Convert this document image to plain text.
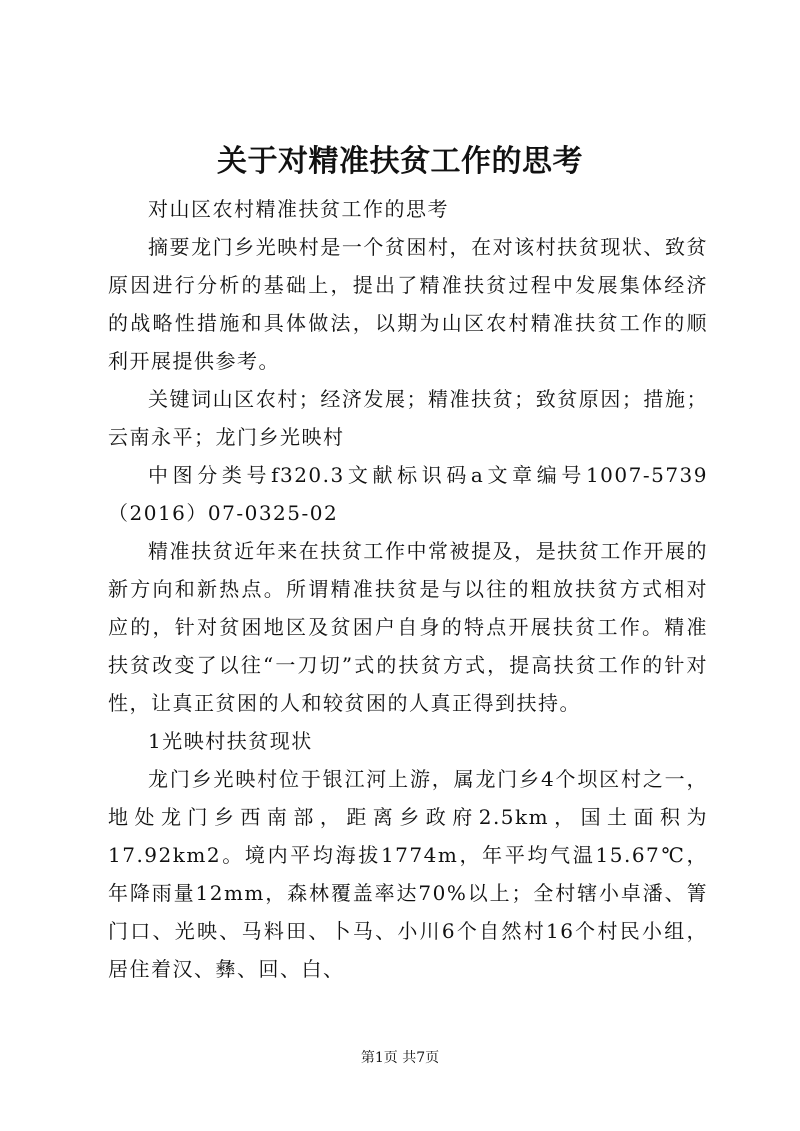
关于对精准扶贫工作的思考

对山区农村精准扶贫工作的思考

摘要龙门乡光映村是一个贫困村，在对该村扶贫现状、致贫原因进行分析的基础上，提出了精准扶贫过程中发展集体经济的战略性措施和具体做法，以期为山区农村精准扶贫工作的顺利开展提供参考。

关键词山区农村；经济发展；精准扶贫；致贫原因；措施；云南永平；龙门乡光映村

中图分类号f320.3文献标识码a文章编号1007-5739（2016）07-0325-02

精准扶贫近年来在扶贫工作中常被提及，是扶贫工作开展的新方向和新热点。所谓精准扶贫是与以往的粗放扶贫方式相对应的，针对贫困地区及贫困户自身的特点开展扶贫工作。精准扶贫改变了以往“一刀切”式的扶贫方式，提高扶贫工作的针对性，让真正贫困的人和较贫困的人真正得到扶持。

1光映村扶贫现状

龙门乡光映村位于银江河上游，属龙门乡4个坝区村之一，地处龙门乡西南部，距离乡政府2.5km，国土面积为17.92km2。境内平均海拔1774m，年平均气温15.67℃，年降雨量12mm，森林覆盖率达70%以上；全村辖小卓潘、箐门口、光映、马料田、卜马、小川6个自然村16个村民小组，居住着汉、彝、回、白、

第1页 共7页
